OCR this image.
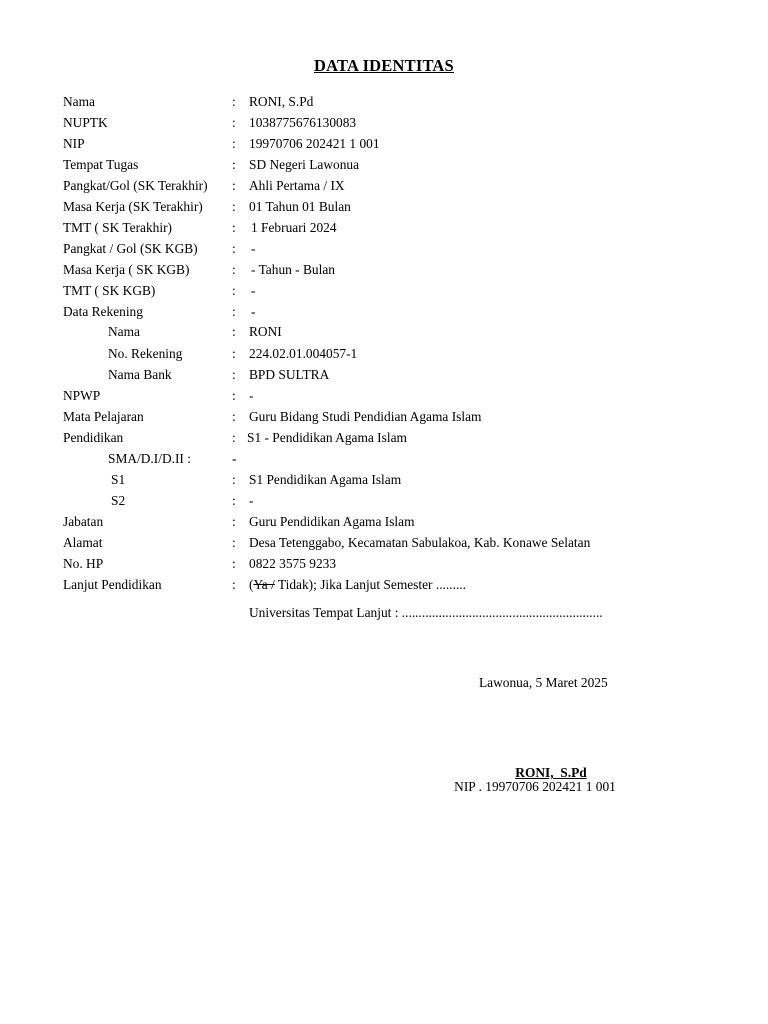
DATA IDENTITAS
Nama	: RONI, S.Pd
NUPTK	: 1038775676130083
NIP	: 19970706 202421 1 001
Tempat Tugas	: SD Negeri Lawonua
Pangkat/Gol (SK Terakhir) : Ahli Pertama / IX
Masa Kerja (SK Terakhir) : 01 Tahun 01 Bulan
TMT ( SK Terakhir)	: 1 Februari 2024
Pangkat / Gol (SK KGB)	: -
Masa Kerja ( SK KGB)	: - Tahun - Bulan
TMT ( SK KGB)	: -
Data Rekening	: -
Nama	: RONI
No. Rekening	: 224.02.01.004057-1
Nama Bank	: BPD SULTRA
NPWP	: -
Mata Pelajaran	: Guru Bidang Studi Pendidian Agama Islam
Pendidikan	: S1 - Pendidikan Agama Islam
SMA/D.I/D.II :	-
S1	: S1 Pendidikan Agama Islam
S2	: -
Jabatan	: Guru Pendidikan Agama Islam
Alamat	: Desa Tetenggabo, Kecamatan Sabulakoa, Kab. Konawe Selatan
No. HP	: 0822 3575 9233
Lanjut Pendidikan	: (Ya / Tidak); Jika Lanjut Semester .........
Universitas Tempat Lanjut : ............................................................
Lawonua, 5 Maret 2025
RONI,  S.Pd
NIP . 19970706 202421 1 001
